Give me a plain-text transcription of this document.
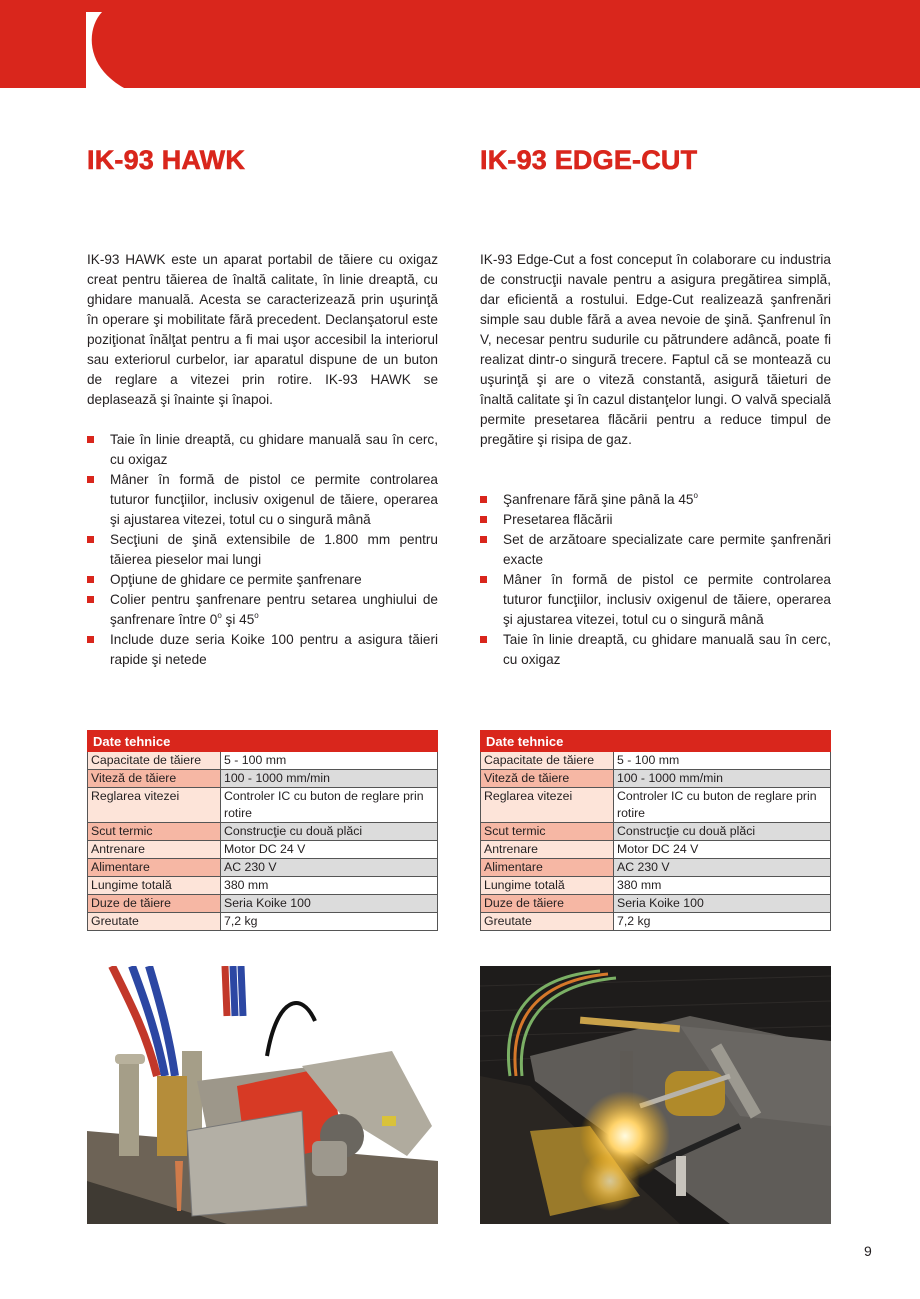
IK-93 HAWK

IK-93 HAWK este un aparat portabil de tăiere cu oxigaz creat pentru tăierea de înaltă calitate, în linie dreaptă, cu ghidare manuală. Acesta se caracterizează prin uşurinţă în operare şi mobilitate fără precedent. Declanşatorul este poziţionat înălţat pentru a fi mai uşor accesibil la interiorul sau exteriorul curbelor, iar aparatul dispune de un buton de reglare a vitezei prin rotire. IK-93 HAWK se deplasează şi înainte şi înapoi.

Taie în linie dreaptă, cu ghidare manuală sau în cerc, cu oxigaz
Mâner în formă de pistol ce permite controlarea tuturor funcţiilor, inclusiv oxigenul de tăiere, operarea şi ajustarea vitezei, totul cu o singură mână
Secţiuni de şină extensibile de 1.800 mm pentru tăierea pieselor mai lungi
Opţiune de ghidare ce permite şanfrenare
Colier pentru şanfrenare pentru setarea unghiului de şanfrenare între 0$^o$ şi 45$^o$
Include duze seria Koike 100 pentru a asigura tăieri rapide şi netede
Date tehnice	
Capacitate de tăiere	5 - 100 mm
Viteză de tăiere	100 - 1000 mm/min
Reglarea vitezei	Controler IC cu buton de reglare prin rotire
Scut termic	Construcţie cu două plăci
Antrenare	Motor DC 24 V
Alimentare	AC 230 V
Lungime totală	380 mm
Duze de tăiere	Seria Koike 100
Greutate	7,2 kg
IK-93 EDGE-CUT

IK-93 Edge-Cut a fost conceput în colaborare cu industria de construcţii navale pentru a asigura pregătirea simplă, dar eficientă a rostului. Edge-Cut realizează şanfrenări simple sau duble fără a avea nevoie de şină. Şanfrenul în V, necesar pentru sudurile cu pătrundere adâncă, poate fi realizat dintr-o singură trecere. Faptul că se montează cu uşurinţă şi are o viteză constantă, asigură tăieturi de înaltă calitate şi în cazul distanţelor lungi. O valvă specială permite presetarea flăcării pentru a reduce timpul de pregătire şi risipa de gaz.

Şanfrenare fără şine până la 45$^o$
Presetarea flăcării
Set de arzătoare specializate care permite şanfrenări exacte
Mâner în formă de pistol ce permite controlarea tuturor funcţiilor, inclusiv oxigenul de tăiere, operarea şi ajustarea vitezei, totul cu o singură mână
Taie în linie dreaptă, cu ghidare manuală sau în cerc, cu oxigaz
Date tehnice	
Capacitate de tăiere	5 - 100 mm
Viteză de tăiere	100 - 1000 mm/min
Reglarea vitezei	Controler IC cu buton de reglare prin rotire
Scut termic	Construcţie cu două plăci
Antrenare	Motor DC 24 V
Alimentare	AC 230 V
Lungime totală	380 mm
Duze de tăiere	Seria Koike 100
Greutate	7,2 kg
9
